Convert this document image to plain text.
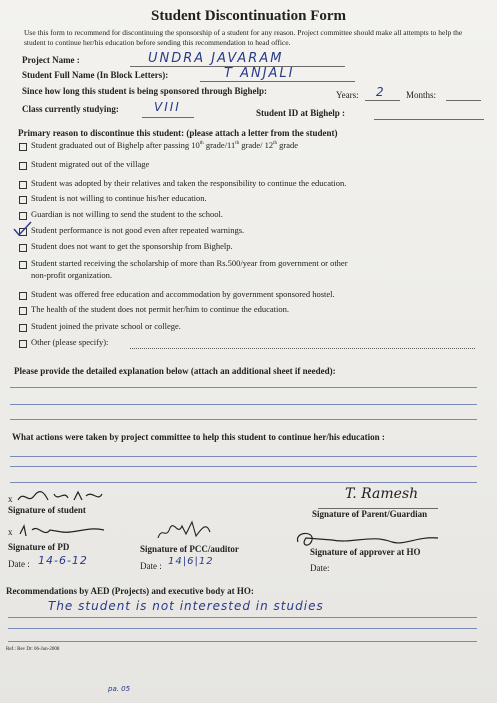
Student Discontinuation Form
Use this form to recommend for discontinuing the sponsorship of a student for any reason. Project committee should make all attempts to help the student to continue her/his education before sending this recommendation to head office.
Project Name :	UNDRA JAVARAM
Student Full Name (In Block Letters):	T ANJALI
Since how long this student is being sponsored through Bighelp:	Years: 2 Months:
Class currently studying:	VIII	Student ID at Bighelp :
Primary reason to discontinue this student: (please attach a letter from the student)
Student graduated out of Bighelp after passing 10th grade/11th grade/ 12th grade
Student migrated out of the village
Student was adopted by their relatives and taken the responsibility to continue the education.
Student is not willing to continue his/her education.
Guardian is not willing to send the student to the school.
Student performance is not good even after repeated warnings.
Student does not want to get the sponsorship from Bighelp.
Student started receiving the scholarship of more than Rs.500/year from government or other
non-profit organization.
Student was offered free education and accommodation by government sponsored hostel.
The health of the student does not permit her/him to continue the education.
Student joined the private school or college.
Other (please specify):
Please provide the detailed explanation below (attach an additional sheet if needed):
What actions were taken by project committee to help this student to continue her/his education :
x
Signature of student
T. Ramesh
Signature of Parent/Guardian
x
Signature of PD
Date : 14-6-12
Signature of PCC/auditor
Date : 14|6|12
Signature of approver at HO
Date:
Recommendations by AED (Projects) and executive body at HO:
The student is not interested in studies
Ref.: Rev Dt: 06-Jun-2008
pa. 05
